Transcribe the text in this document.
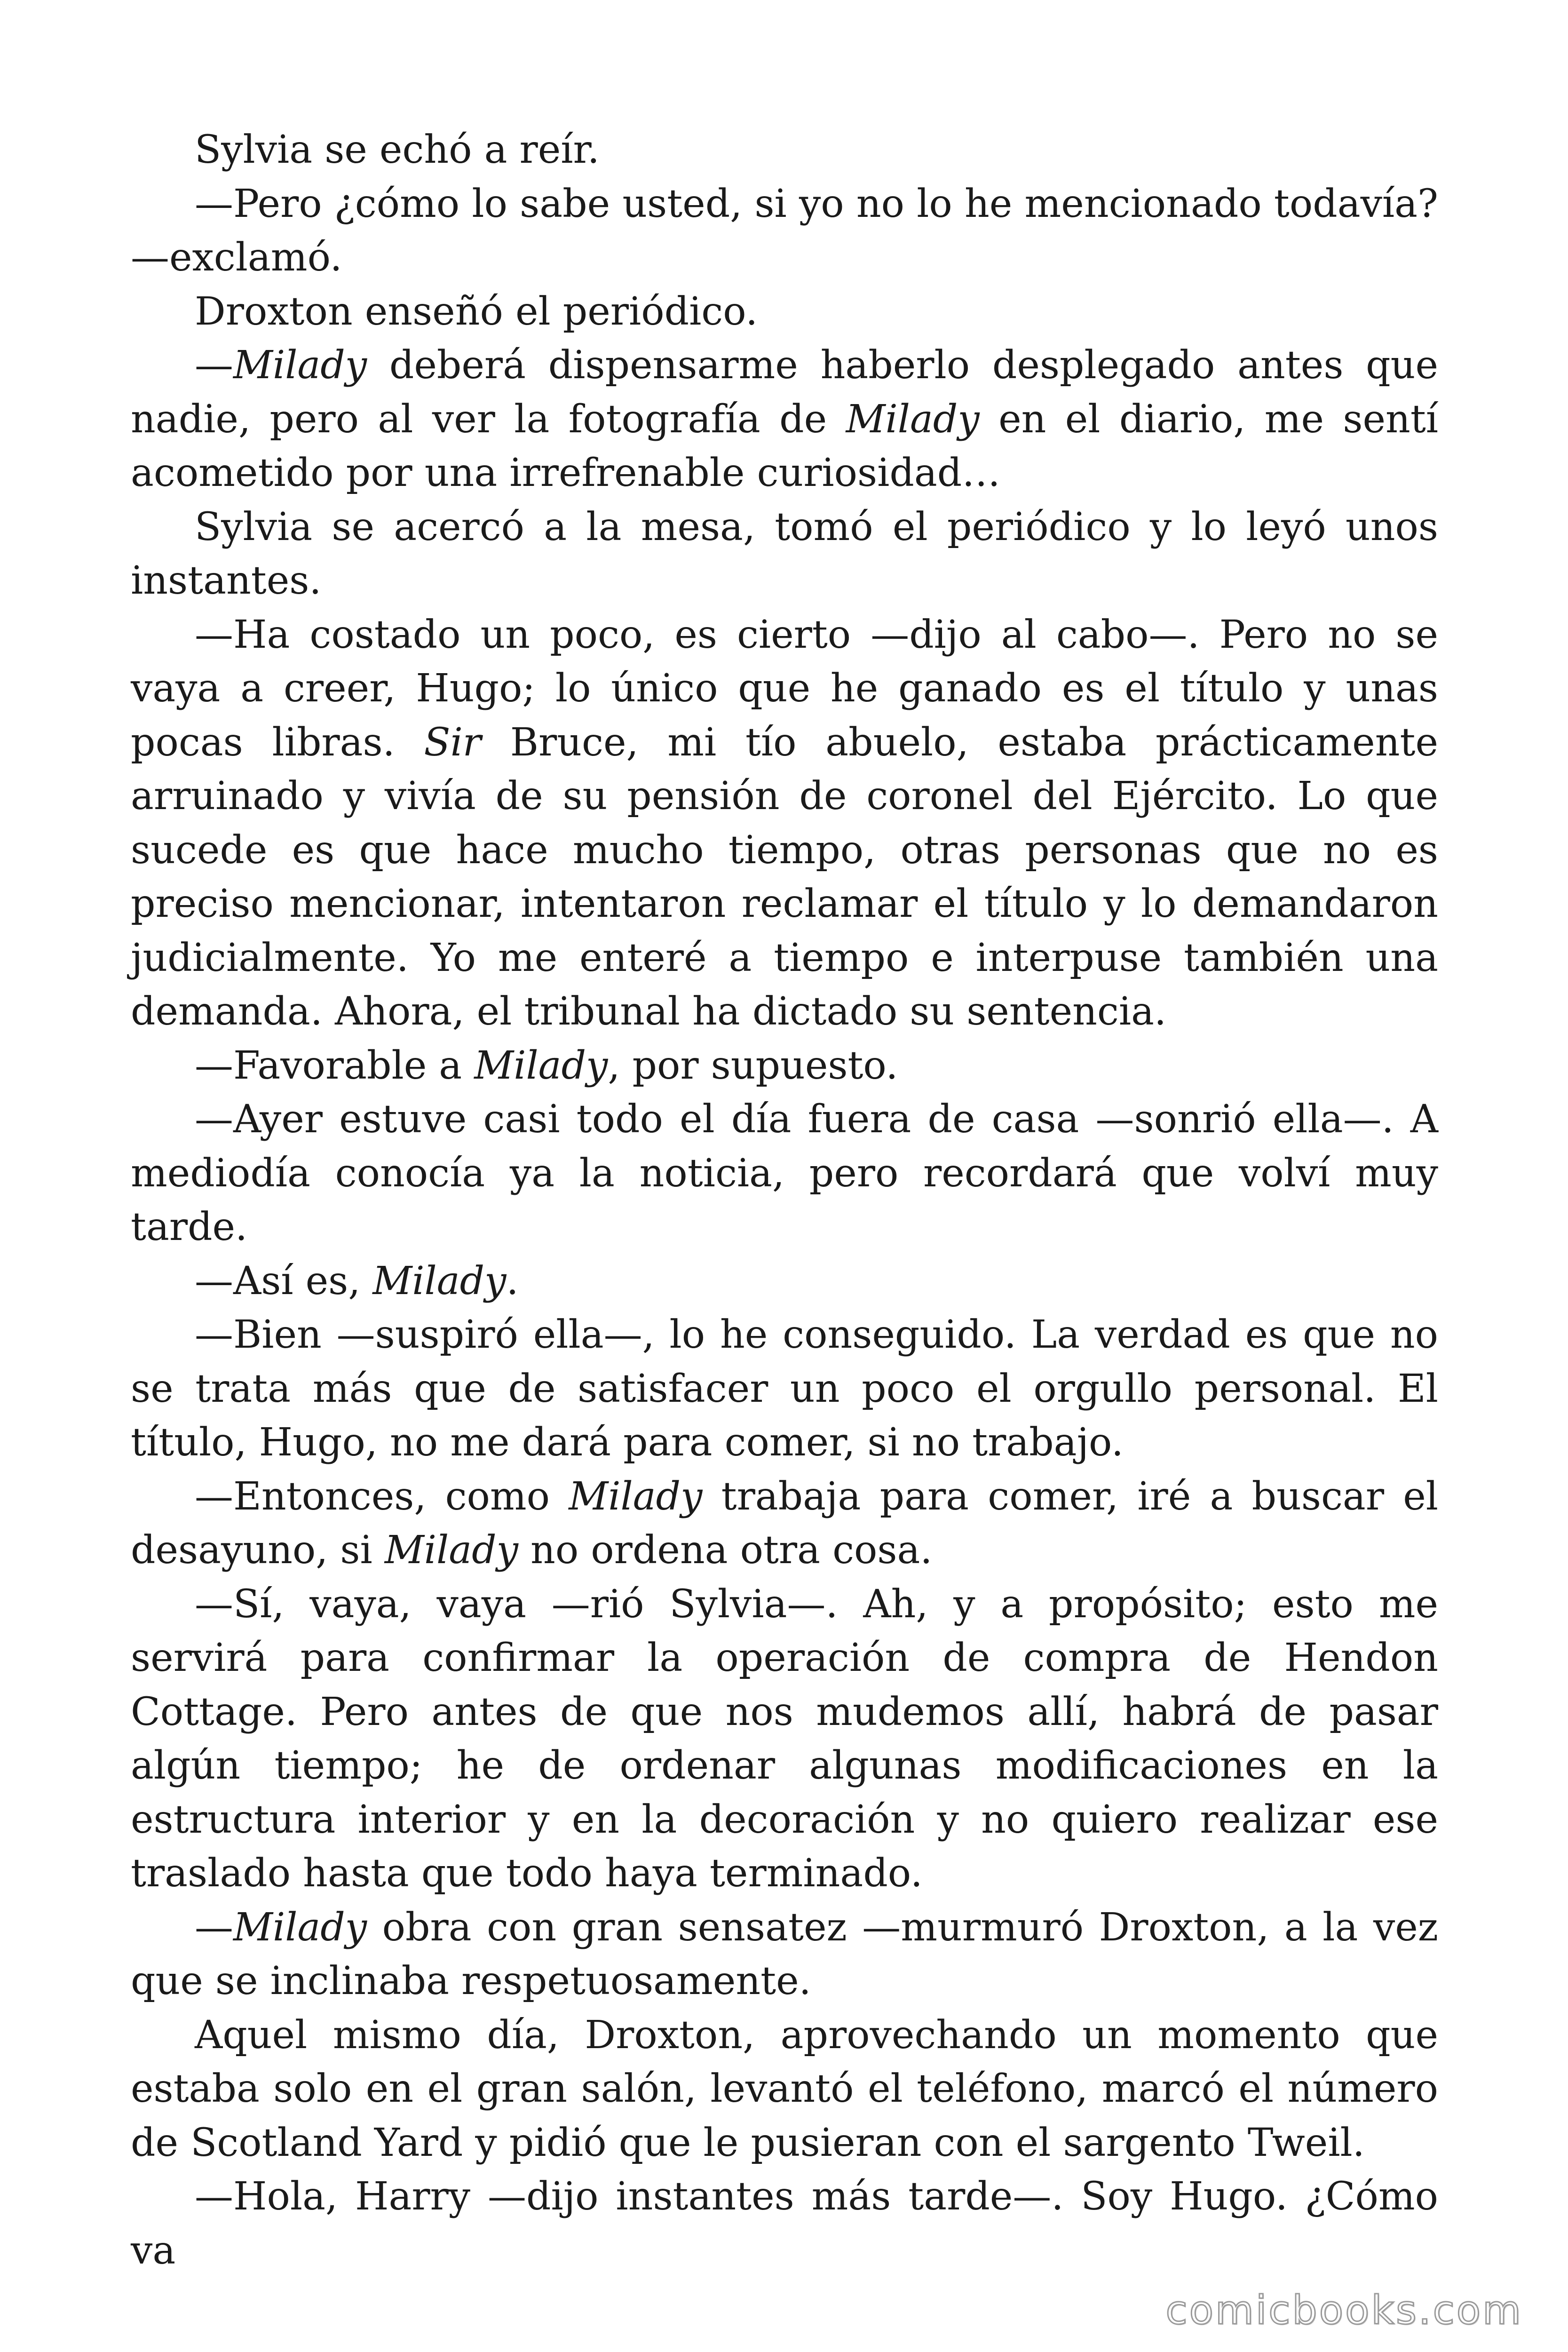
Sylvia se echó a reír.

—Pero ¿cómo lo sabe usted, si yo no lo he mencionado todavía? —exclamó.

Droxton enseñó el periódico.

—Milady deberá dispensarme haberlo desplegado antes que nadie, pero al ver la fotografía de Milady en el diario, me sentí acometido por una irrefrenable curiosidad…

Sylvia se acercó a la mesa, tomó el periódico y lo leyó unos instantes.

—Ha costado un poco, es cierto —dijo al cabo—. Pero no se vaya a creer, Hugo; lo único que he ganado es el título y unas pocas libras. Sir Bruce, mi tío abuelo, estaba prácticamente arruinado y vivía de su pensión de coronel del Ejército. Lo que sucede es que hace mucho tiempo, otras personas que no es preciso mencionar, intentaron reclamar el título y lo demandaron judicialmente. Yo me enteré a tiempo e interpuse también una demanda. Ahora, el tribunal ha dictado su sentencia.

—Favorable a Milady, por supuesto.

—Ayer estuve casi todo el día fuera de casa —sonrió ella—. A mediodía conocía ya la noticia, pero recordará que volví muy tarde.

—Así es, Milady.

—Bien —suspiró ella—, lo he conseguido. La verdad es que no se trata más que de satisfacer un poco el orgullo personal. El título, Hugo, no me dará para comer, si no trabajo.

—Entonces, como Milady trabaja para comer, iré a buscar el desayuno, si Milady no ordena otra cosa.

—Sí, vaya, vaya —rió Sylvia—. Ah, y a propósito; esto me servirá para confirmar la operación de compra de Hendon Cottage. Pero antes de que nos mudemos allí, habrá de pasar algún tiempo; he de ordenar algunas modificaciones en la estructura interior y en la decoración y no quiero realizar ese traslado hasta que todo haya terminado.

—Milady obra con gran sensatez —murmuró Droxton, a la vez que se inclinaba respetuosamente.

Aquel mismo día, Droxton, aprovechando un momento que estaba solo en el gran salón, levantó el teléfono, marcó el número de Scotland Yard y pidió que le pusieran con el sargento Tweil.

—Hola, Harry —dijo instantes más tarde—. Soy Hugo. ¿Cómo va

comicbooks.com
